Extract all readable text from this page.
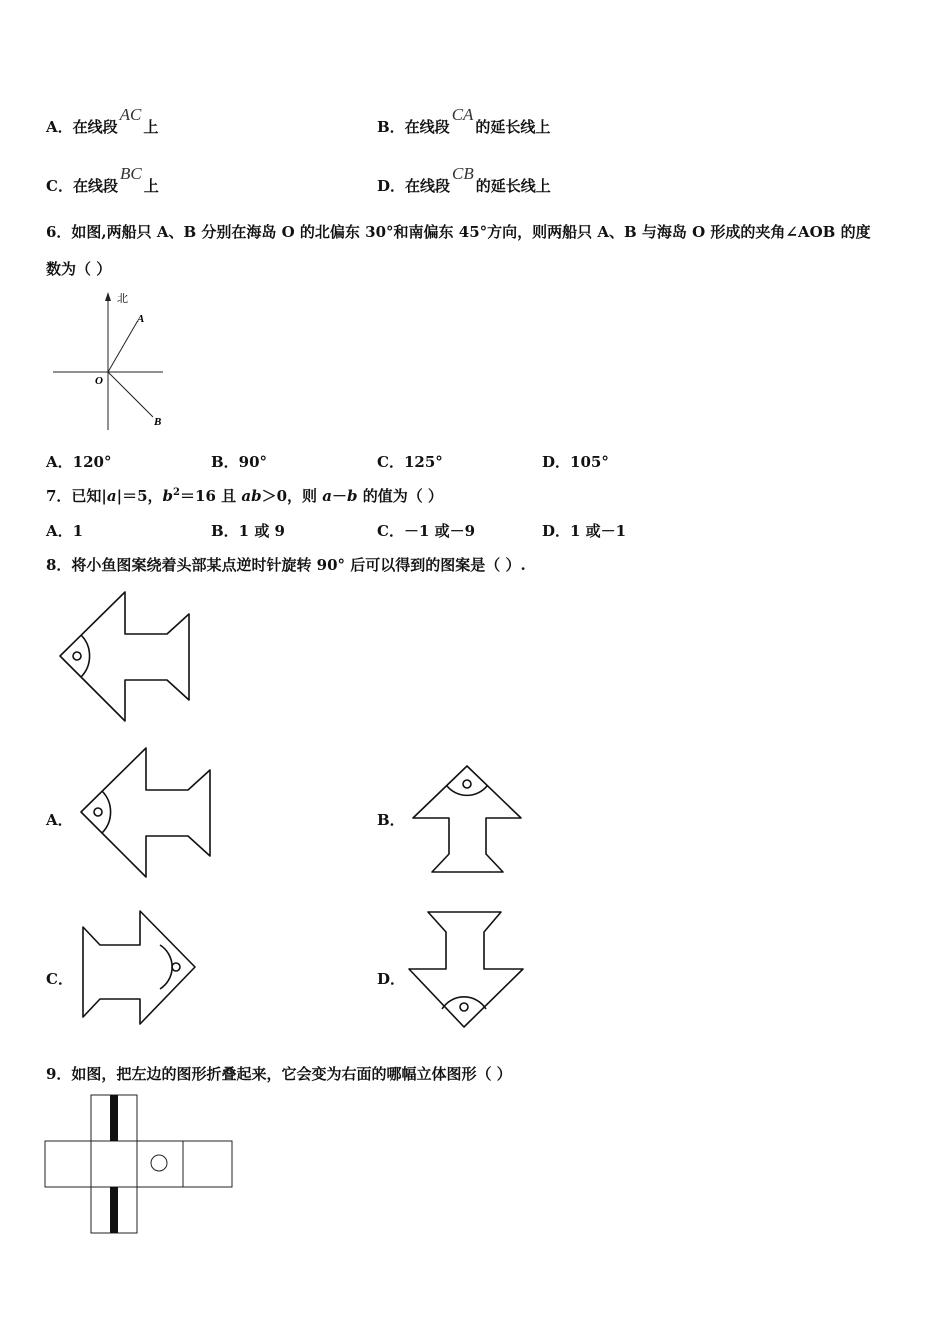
A．在线段AC上	B．在线段CA的延长线上
C．在线段BC上	D．在线段CB的延长线上
6．如图,两船只 A、B 分别在海岛 O 的北偏东 30°和南偏东 45°方向，则两船只 A、B 与海岛 O 形成的夹角∠AOB 的度
数为（ ）
北
A
O
B
A．120°	B．90°	C．125°	D．105°
7．已知|a|＝5，$b^2=16$ 且 ab＞0，则 a－b 的值为（ ）
A．1	B．1 或 9	C．－1 或－9	D．1 或－1
8．将小鱼图案绕着头部某点逆时针旋转 90° 后可以得到的图案是（ ）.
A．	B．
C．	D．
9．如图，把左边的图形折叠起来，它会变为右面的哪幅立体图形（ ）
